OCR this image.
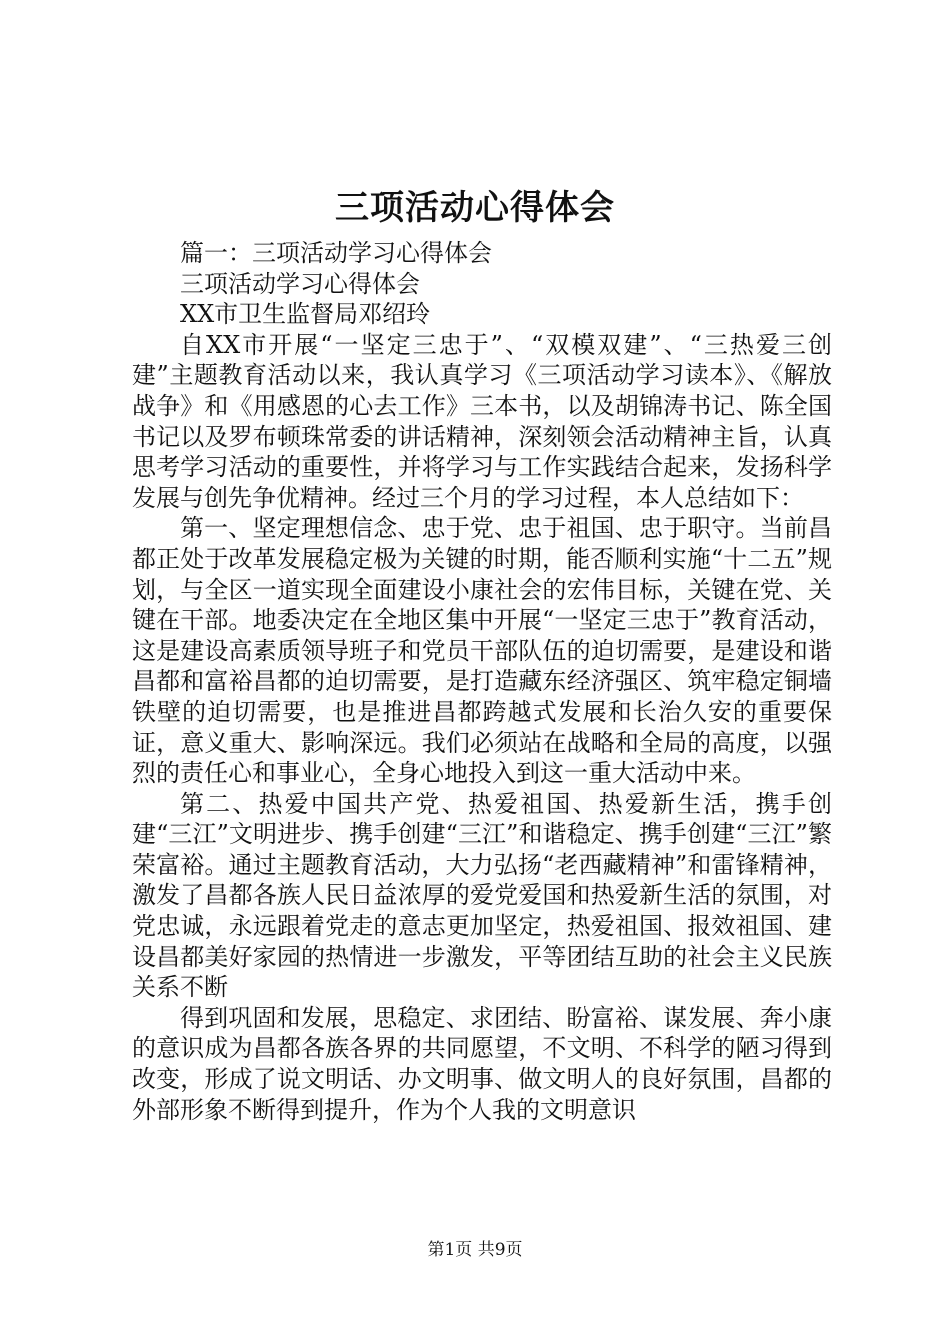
三项活动心得体会

篇一：三项活动学习心得体会

三项活动学习心得体会

XX市卫生监督局邓绍玲

自XX市开展“一坚定三忠于”、“双模双建”、“三热爱三创建”主题教育活动以来，我认真学习《三项活动学习读本》、《解放战争》和《用感恩的心去工作》三本书，以及胡锦涛书记、陈全国书记以及罗布顿珠常委的讲话精神，深刻领会活动精神主旨，认真思考学习活动的重要性，并将学习与工作实践结合起来，发扬科学发展与创先争优精神。经过三个月的学习过程，本人总结如下：

第一、坚定理想信念、忠于党、忠于祖国、忠于职守。当前昌都正处于改革发展稳定极为关键的时期，能否顺利实施“十二五”规划，与全区一道实现全面建设小康社会的宏伟目标，关键在党、关键在干部。地委决定在全地区集中开展“一坚定三忠于”教育活动，这是建设高素质领导班子和党员干部队伍的迫切需要，是建设和谐昌都和富裕昌都的迫切需要，是打造藏东经济强区、筑牢稳定铜墙铁壁的迫切需要，也是推进昌都跨越式发展和长治久安的重要保证，意义重大、影响深远。我们必须站在战略和全局的高度，以强烈的责任心和事业心，全身心地投入到这一重大活动中来。

第二、热爱中国共产党、热爱祖国、热爱新生活，携手创建“三江”文明进步、携手创建“三江”和谐稳定、携手创建“三江”繁荣富裕。通过主题教育活动，大力弘扬“老西藏精神”和雷锋精神，激发了昌都各族人民日益浓厚的爱党爱国和热爱新生活的氛围，对党忠诚，永远跟着党走的意志更加坚定，热爱祖国、报效祖国、建设昌都美好家园的热情进一步激发，平等团结互助的社会主义民族关系不断

得到巩固和发展，思稳定、求团结、盼富裕、谋发展、奔小康的意识成为昌都各族各界的共同愿望，不文明、不科学的陋习得到改变，形成了说文明话、办文明事、做文明人的良好氛围，昌都的外部形象不断得到提升，作为个人我的文明意识

第1页 共9页
